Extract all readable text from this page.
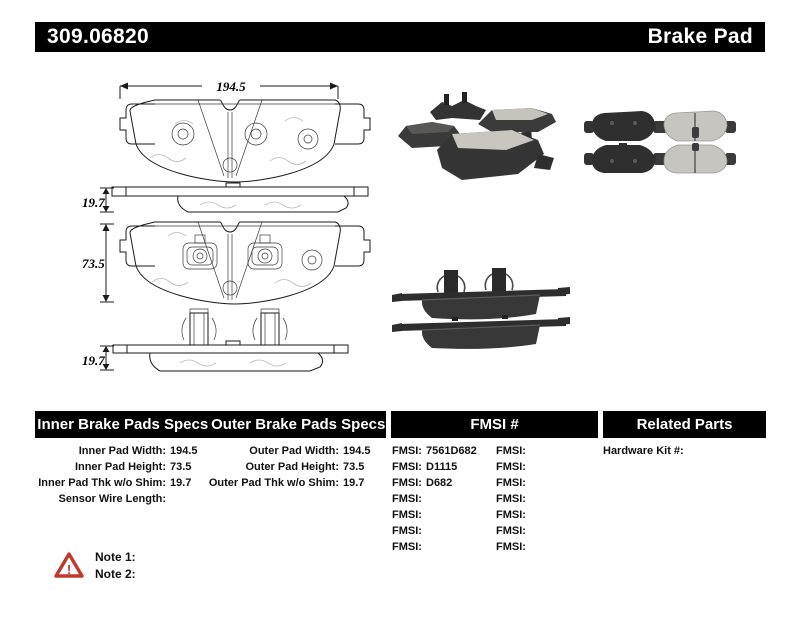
309.06820	Brake Pad
194.5
19.7
73.5
19.7
Inner Brake Pads Specs Outer Brake Pads Specs	FMSI #	Related Parts
Inner Pad Width: 194.5
Inner Pad Height: 73.5
Inner Pad Thk w/o Shim: 19.7
Sensor Wire Length:
Outer Pad Width: 194.5
Outer Pad Height: 73.5
Outer Pad Thk w/o Shim: 19.7
FMSI: 7561D682
FMSI: D1115
FMSI: D682
FMSI:
FMSI:
FMSI:
FMSI:
FMSI:
FMSI:
FMSI:
FMSI:
FMSI:
FMSI:
FMSI:
Hardware Kit #:
!
Note 1:
Note 2:
